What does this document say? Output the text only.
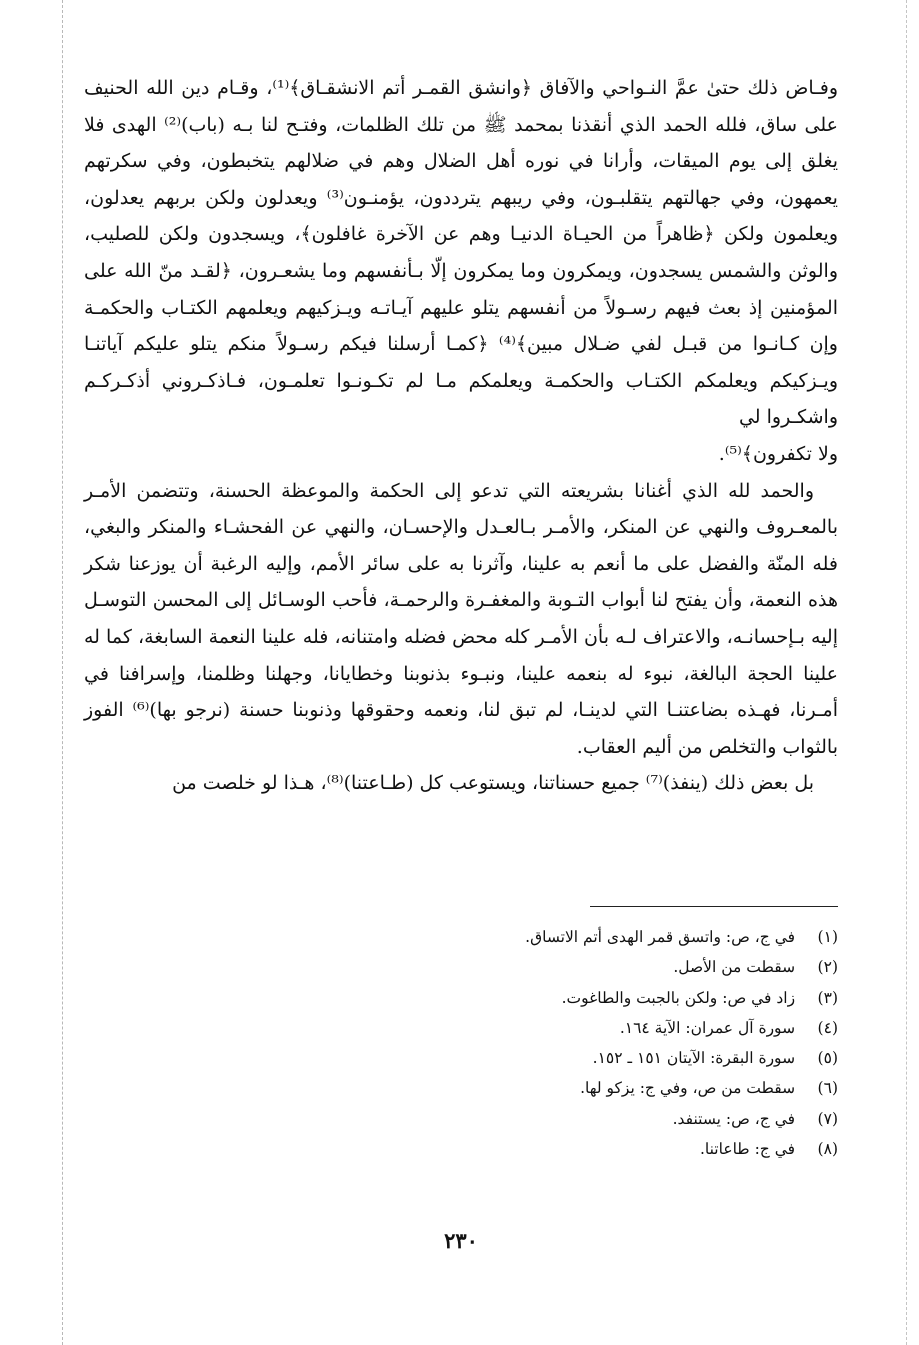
وفـاض ذلك حتىٰ عمَّ النـواحي والآفاق ﴿وانشق القمـر أتم الانشقـاق﴾⁽¹⁾، وقـام دين الله الحنيف على ساق، فلله الحمد الذي أنقذنا بمحمد ﷺ من تلك الظلمات، وفتـح لنا بـه (باب)⁽²⁾ الهدى فلا يغلق إلى يوم الميقات، وأرانا في نوره أهل الضلال وهم في ضلالهم يتخبطون، وفي سكرتهم يعمهون، وفي جهالتهم يتقلبـون، وفي ريبهم يترددون، يؤمنـون⁽³⁾ ويعدلون ولكن بربهم يعدلون، ويعلمون ولكن ﴿ظاهراً من الحيـاة الدنيـا وهم عن الآخرة غافلون﴾، ويسجدون ولكن للصليب، والوثن والشمس يسجدون، ويمكرون وما يمكرون إلّا بـأنفسهم وما يشعـرون، ﴿لقـد منّ الله على المؤمنين إذ بعث فيهم رسـولاً من أنفسهم يتلو عليهم آيـاتـه ويـزكيهم ويعلمهم الكتـاب والحكمـة وإن كـانـوا من قبـل لفي ضـلال مبين﴾⁽⁴⁾ ﴿كمـا أرسلنا فيكم رسـولاً منكم يتلو عليكم آياتنـا ويـزكيكم ويعلمكم الكتـاب والحكمـة ويعلمكم مـا لم تكـونـوا تعلمـون، فـاذكـروني أذكـركـم واشكـروا لي
ولا تكفرون﴾⁽⁵⁾.

والحمد لله الذي أغنانا بشريعته التي تدعو إلى الحكمة والموعظة الحسنة، وتتضمن الأمـر بالمعـروف والنهي عن المنكر، والأمـر بـالعـدل والإحسـان، والنهي عن الفحشـاء والمنكر والبغي، فله المنّة والفضل على ما أنعم به علينا، وآثرنا به على سائر الأمم، وإليه الرغبة أن يوزعنا شكر هذه النعمة، وأن يفتح لنا أبواب التـوبة والمغفـرة والرحمـة، فأحب الوسـائل إلى المحسن التوسـل إليه بـإحسانـه، والاعتراف لـه بأن الأمـر كله محض فضله وامتنانه، فله علينا النعمة السابغة، كما له علينا الحجة البالغة، نبوء له بنعمه علينا، ونبـوء بذنوبنا وخطايانا، وجهلنا وظلمنا، وإسرافنا في أمـرنا، فهـذه بضاعتنـا التي لدينـا، لم تبق لنا، ونعمه وحقوقها وذنوبنا حسنة (نرجو بها)⁽⁶⁾ الفوز بالثواب والتخلص من أليم العقاب.
بل بعض ذلك (ينفذ)⁽⁷⁾ جميع حسناتنا، ويستوعب كل (طـاعتنا)⁽⁸⁾، هـذا لو خلصت من

(١) في ج، ص: واتسق قمر الهدى أتم الاتساق.
(٢) سقطت من الأصل.
(٣) زاد في ص: ولكن بالجبت والطاغوت.
(٤) سورة آل عمران: الآية ١٦٤.
(٥) سورة البقرة: الآيتان ١٥١ ـ ١٥٢.
(٦) سقطت من ص، وفي ج: يزكو لها.
(٧) في ج، ص: يستنفد.
(٨) في ج: طاعاتنا.
٢٣٠
